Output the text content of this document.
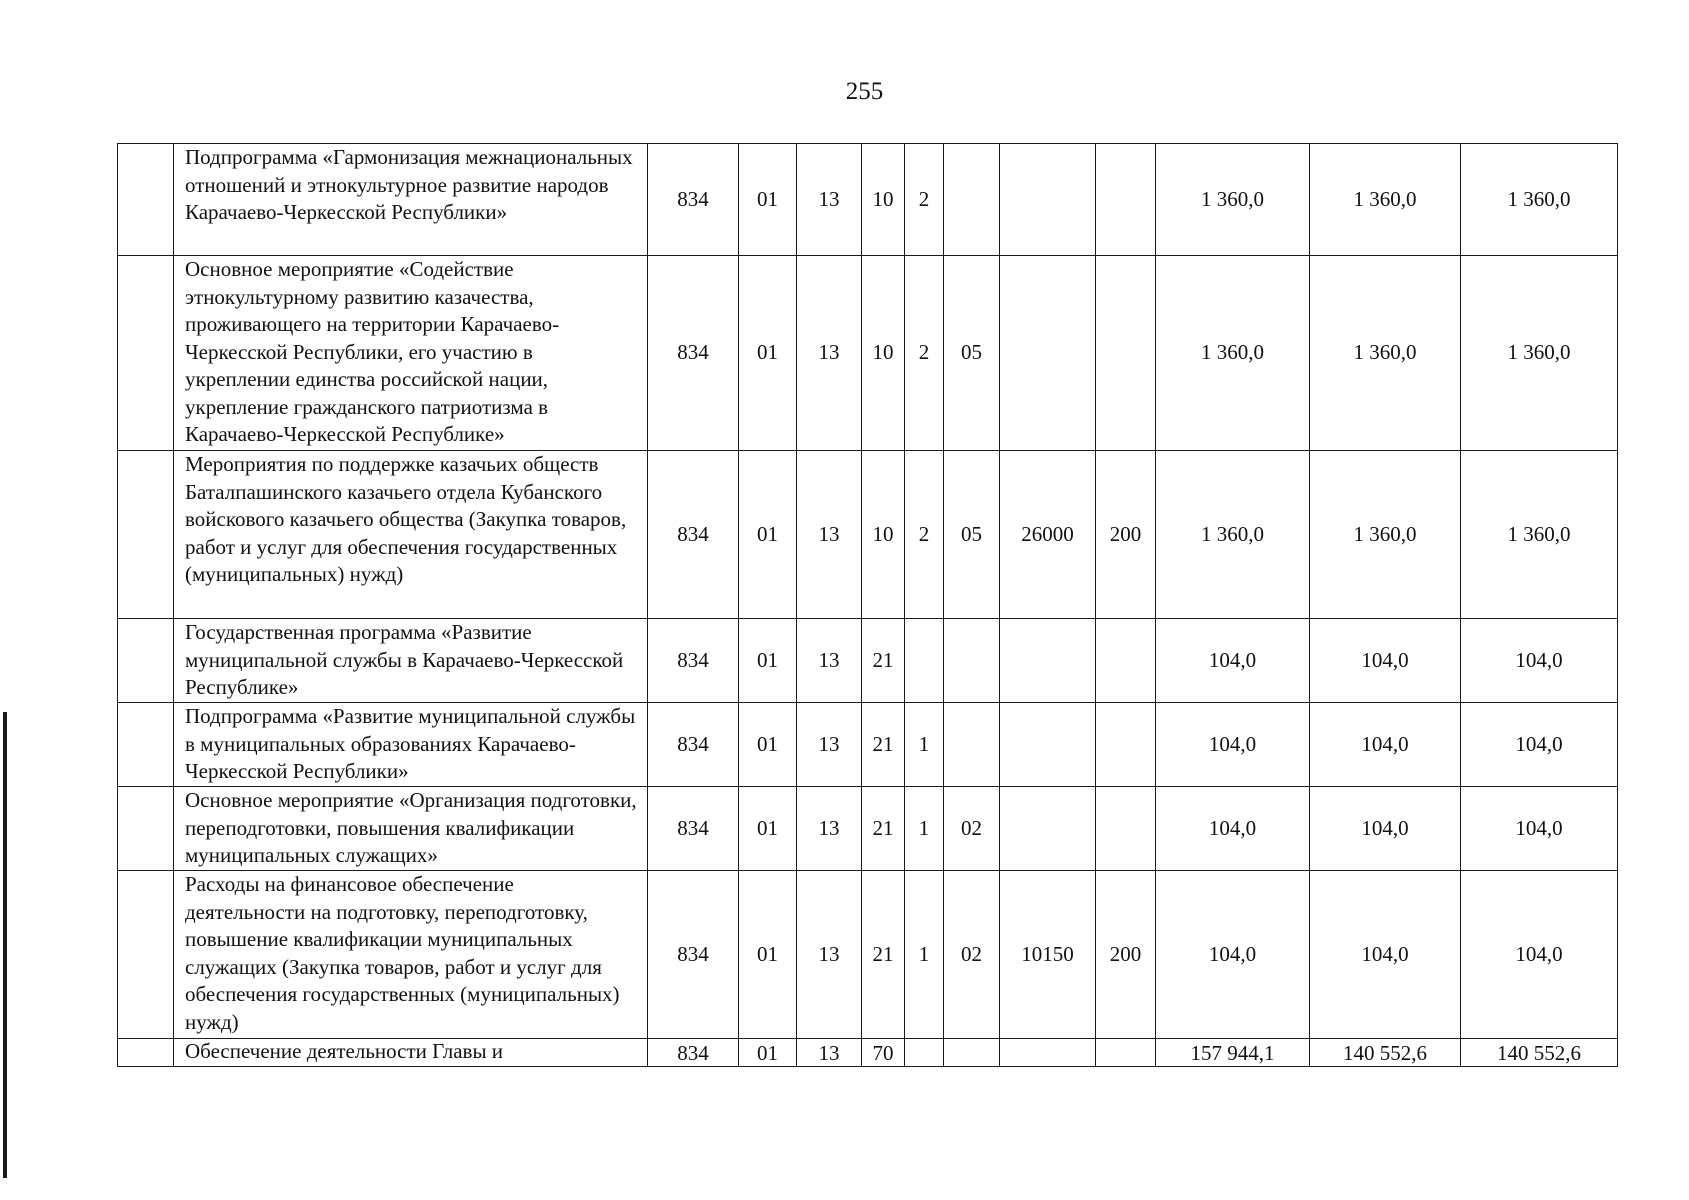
255
	Подпрограмма «Гармонизация межнациональных отношений и этнокультурное развитие народов Карачаево-Черкесской Республики»	834	01	13	10	2				1 360,0	1 360,0	1 360,0
	Основное мероприятие «Содействие этнокультурному развитию казачества, проживающего на территории Карачаево-Черкесской Республики, его участию в укреплении единства российской нации, укрепление гражданского патриотизма в Карачаево-Черкесской Республике»	834	01	13	10	2	05			1 360,0	1 360,0	1 360,0
	Мероприятия по поддержке казачьих обществ Баталпашинского казачьего отдела Кубанского войскового казачьего общества (Закупка товаров, работ и услуг для обеспечения государственных (муниципальных) нужд)	834	01	13	10	2	05	26000	200	1 360,0	1 360,0	1 360,0
	Государственная программа «Развитие муниципальной службы в Карачаево-Черкесской Республике»	834	01	13	21					104,0	104,0	104,0
	Подпрограмма «Развитие муниципальной службы в муниципальных образованиях Карачаево-Черкесской Республики»	834	01	13	21	1				104,0	104,0	104,0
	Основное мероприятие «Организация подготовки, переподготовки, повышения квалификации муниципальных служащих»	834	01	13	21	1	02			104,0	104,0	104,0
	Расходы на финансовое обеспечение деятельности на подготовку, переподготовку, повышение квалификации муниципальных служащих (Закупка товаров, работ и услуг для обеспечения государственных (муниципальных) нужд)	834	01	13	21	1	02	10150	200	104,0	104,0	104,0
	Обеспечение деятельности Главы и	834	01	13	70					157 944,1	140 552,6	140 552,6
